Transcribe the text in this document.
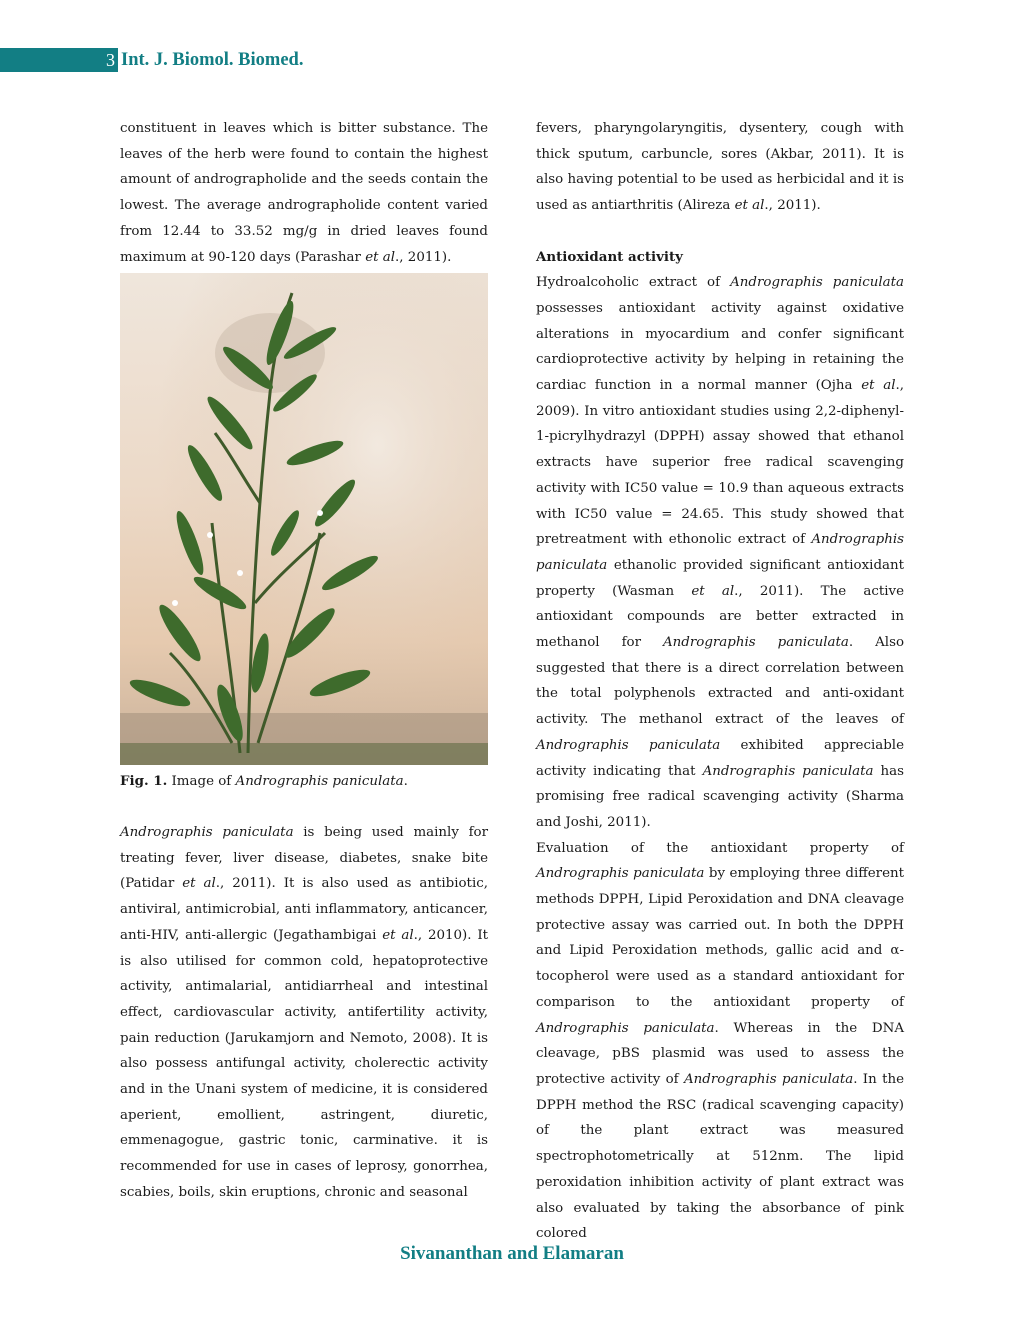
3 Int. J. Biomol. Biomed.

constituent in leaves which is bitter substance. The leaves of the herb were found to contain the highest amount of andrographolide and the seeds contain the lowest. The average andrographolide content varied from 12.44 to 33.52 mg/g in dried leaves found maximum at 90-120 days (Parashar et al., 2011).

Fig. 1. Image of Andrographis paniculata.

Andrographis paniculata is being used mainly for treating fever, liver disease, diabetes, snake bite (Patidar et al., 2011). It is also used as antibiotic, antiviral, antimicrobial, anti inflammatory, anticancer, anti-HIV, anti-allergic (Jegathambigai et al., 2010). It is also utilised for common cold, hepatoprotective activity, antimalarial, antidiarrheal and intestinal effect, cardiovascular activity, antifertility activity, pain reduction (Jarukamjorn and Nemoto, 2008). It is also possess antifungal activity, cholerectic activity and in the Unani system of medicine, it is considered aperient, emollient, astringent, diuretic, emmenagogue, gastric tonic, carminative. it is recommended for use in cases of leprosy, gonorrhea, scabies, boils, skin eruptions, chronic and seasonal

fevers, pharyngolaryngitis, dysentery, cough with thick sputum, carbuncle, sores (Akbar, 2011). It is also having potential to be used as herbicidal and it is used as antiarthritis (Alireza et al., 2011).

Antioxidant activity

Hydroalcoholic extract of Andrographis paniculata possesses antioxidant activity against oxidative alterations in myocardium and confer significant cardioprotective activity by helping in retaining the cardiac function in a normal manner (Ojha et al., 2009). In vitro antioxidant studies using 2,2-diphenyl-1-picrylhydrazyl (DPPH) assay showed that ethanol extracts have superior free radical scavenging activity with IC50 value = 10.9 than aqueous extracts with IC50 value = 24.65. This study showed that pretreatment with ethonolic extract of Andrographis paniculata ethanolic provided significant antioxidant property (Wasman et al., 2011). The active antioxidant compounds are better extracted in methanol for Andrographis paniculata. Also suggested that there is a direct correlation between the total polyphenols extracted and anti-oxidant activity. The methanol extract of the leaves of Andrographis paniculata exhibited appreciable activity indicating that Andrographis paniculata has promising free radical scavenging activity (Sharma and Joshi, 2011).

Evaluation of the antioxidant property of Andrographis paniculata by employing three different methods DPPH, Lipid Peroxidation and DNA cleavage protective assay was carried out. In both the DPPH and Lipid Peroxidation methods, gallic acid and α- tocopherol were used as a standard antioxidant for comparison to the antioxidant property of Andrographis paniculata. Whereas in the DNA cleavage, pBS plasmid was used to assess the protective activity of Andrographis paniculata. In the DPPH method the RSC (radical scavenging capacity) of the plant extract was measured spectrophotometrically at 512nm. The lipid peroxidation inhibition activity of plant extract was also evaluated by taking the absorbance of pink colored

Sivananthan and Elamaran
